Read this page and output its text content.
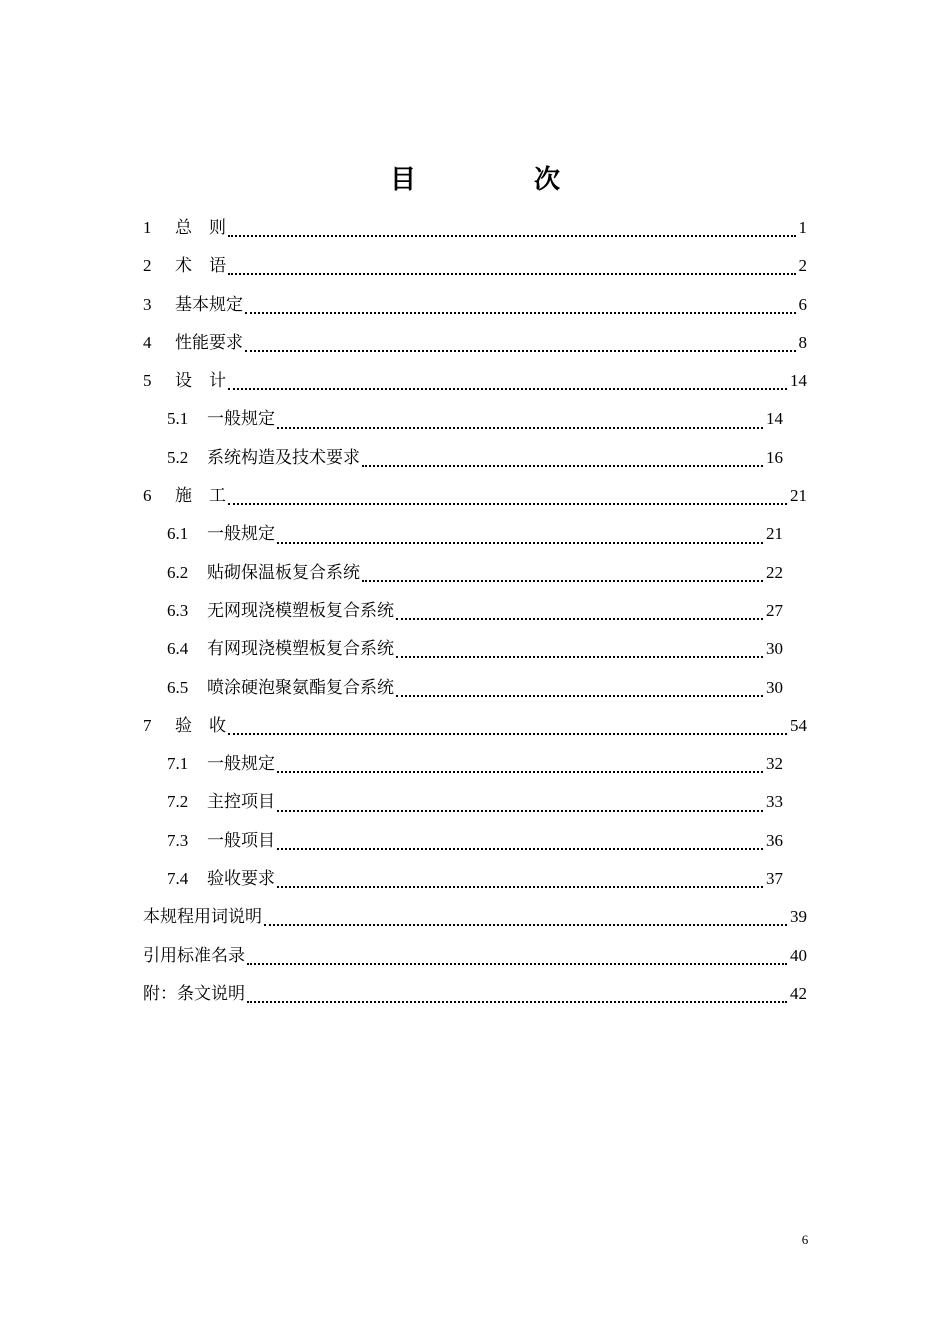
目　次
1	总　则	1
2	术　语	2
3	基本规定	6
4	性能要求	8
5	设　计	14
5.1	一般规定	14
5.2	系统构造及技术要求	16
6	施　工	21
6.1	一般规定	21
6.2	贴砌保温板复合系统	22
6.3	无网现浇模塑板复合系统	27
6.4	有网现浇模塑板复合系统	30
6.5	喷涂硬泡聚氨酯复合系统	30
7	验　收	54
7.1	一般规定	32
7.2	主控项目	33
7.3	一般项目	36
7.4	验收要求	37
本规程用词说明	39
引用标准名录	40
附：条文说明	42
6
